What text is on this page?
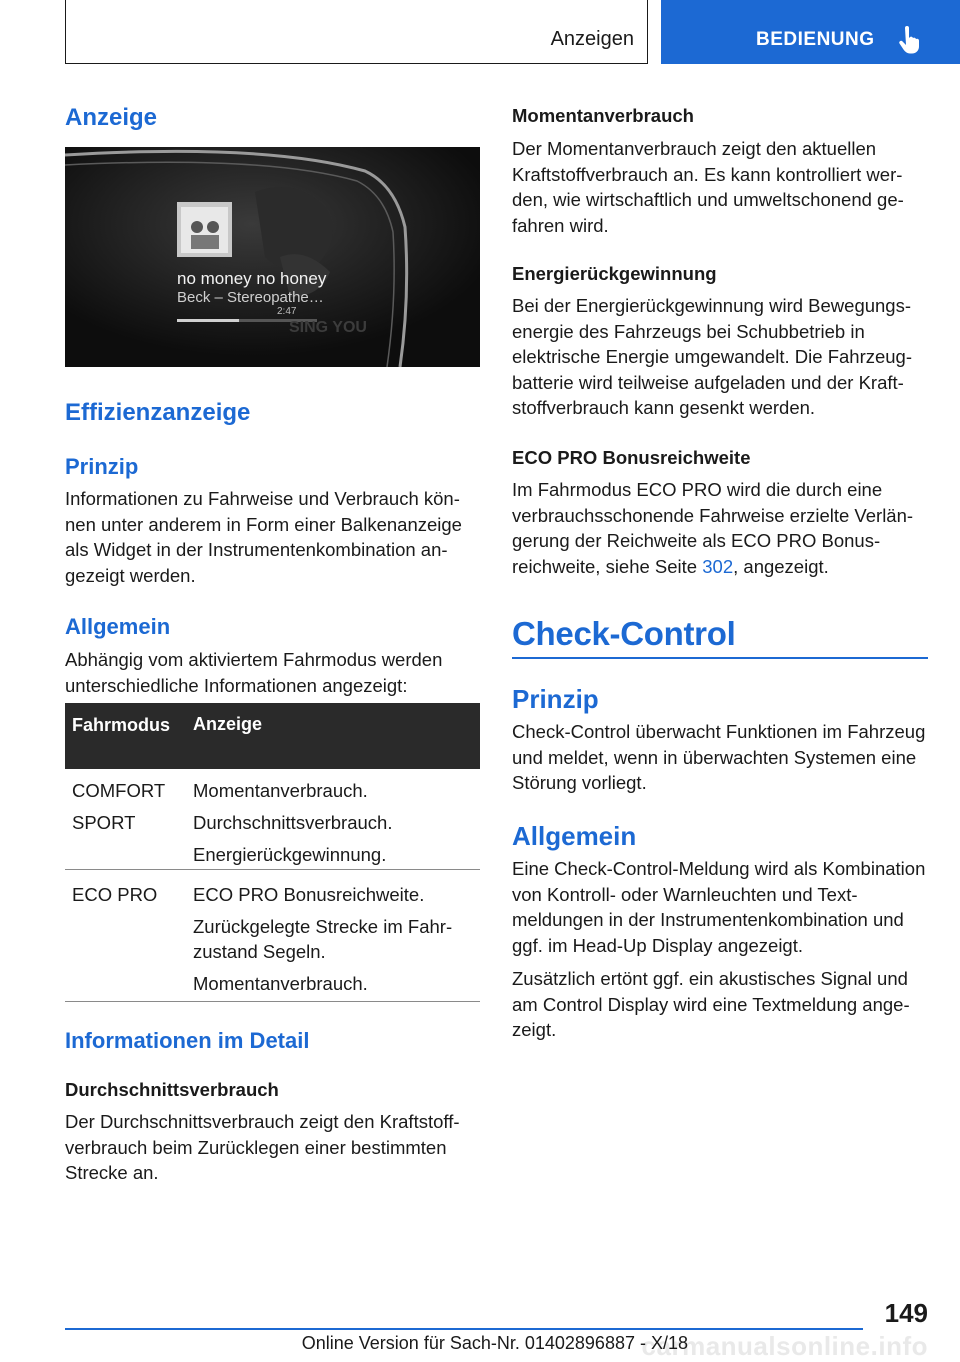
Anzeigen	BEDIENUNG
Anzeige
no money no honey
Beck – Stereopathe…
2:47
SING YOU
Effizienzanzeige
Prinzip
Informationen zu Fahrweise und Verbrauch können unter anderem in Form einer Balkenanzeige als Widget in der Instrumentenkombination angezeigt werden.
Allgemein
Abhängig vom aktiviertem Fahrmodus werden unterschiedliche Informationen angezeigt:
Fahrmodus Anzeige
COMFORT
SPORT
Momentanverbrauch.
Durchschnittsverbrauch.
Energierückgewinnung.
ECO PRO ECO PRO Bonusreichweite.
Zurückgelegte Strecke im Fahrzustand Segeln.
Momentanverbrauch.
Informationen im Detail
Durchschnittsverbrauch
Der Durchschnittsverbrauch zeigt den Kraftstoffverbrauch beim Zurücklegen einer bestimmten Strecke an.
Momentanverbrauch
Der Momentanverbrauch zeigt den aktuellen Kraftstoffverbrauch an. Es kann kontrolliert werden, wie wirtschaftlich und umweltschonend gefahren wird.
Energierückgewinnung
Bei der Energierückgewinnung wird Bewegungsenergie des Fahrzeugs bei Schubbetrieb in elektrische Energie umgewandelt. Die Fahrzeugbatterie wird teilweise aufgeladen und der Kraftstoffverbrauch kann gesenkt werden.
ECO PRO Bonusreichweite
Im Fahrmodus ECO PRO wird die durch eine verbrauchsschonende Fahrweise erzielte Verlängerung der Reichweite als ECO PRO Bonusreichweite, siehe Seite 302, angezeigt.
Check-Control
Prinzip
Check-Control überwacht Funktionen im Fahrzeug und meldet, wenn in überwachten Systemen eine Störung vorliegt.
Allgemein
Eine Check-Control-Meldung wird als Kombination von Kontroll- oder Warnleuchten und Textmeldungen in der Instrumentenkombination und ggf. im Head-Up Display angezeigt.
Zusätzlich ertönt ggf. ein akustisches Signal und am Control Display wird eine Textmeldung angezeigt.
149
carmanualsonline.info
Online Version für Sach-Nr. 01402896887 - X/18
